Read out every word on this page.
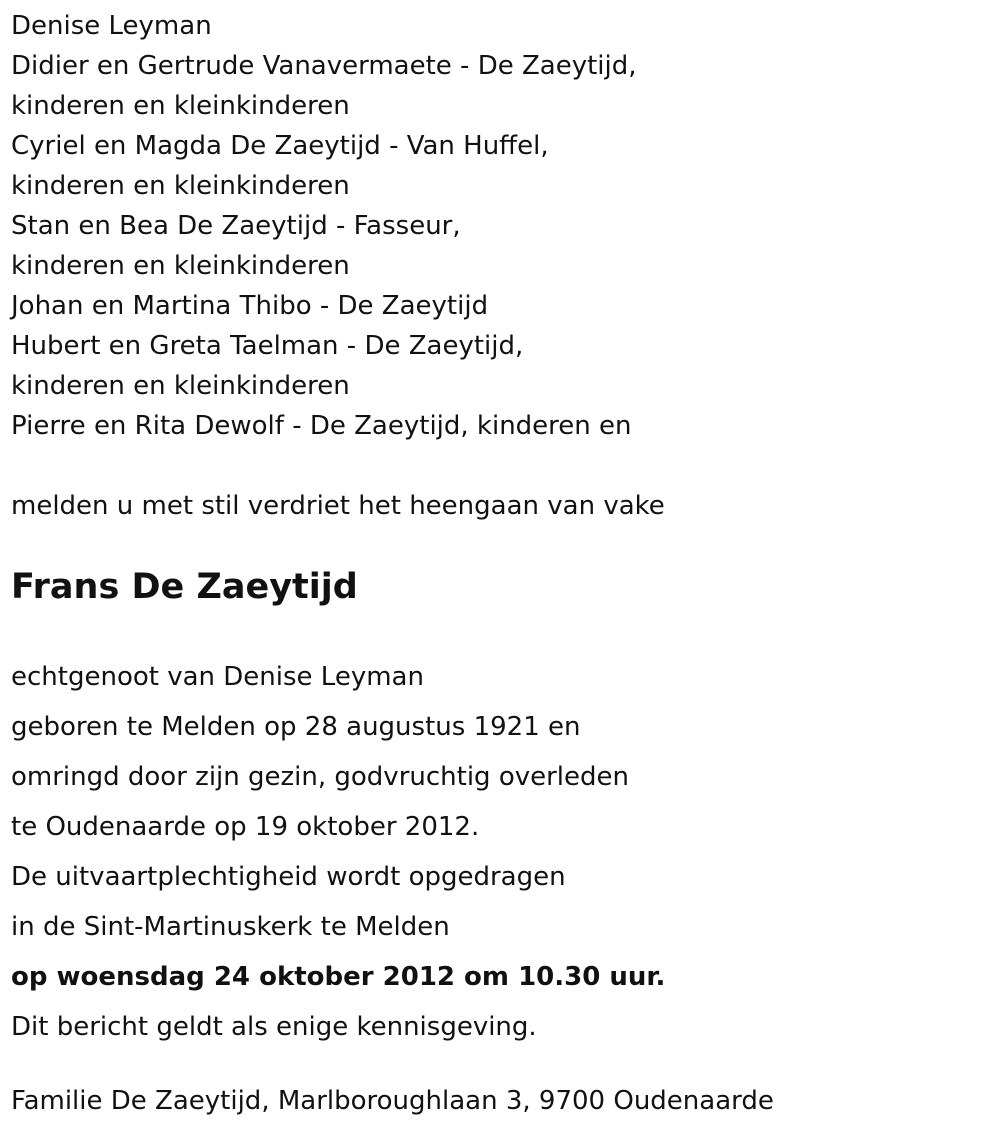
Denise Leyman
Didier en Gertrude Vanavermaete - De Zaeytijd,
kinderen en kleinkinderen
Cyriel en Magda De Zaeytijd - Van Huffel,
kinderen en kleinkinderen
Stan en Bea De Zaeytijd - Fasseur,
kinderen en kleinkinderen
Johan en Martina Thibo - De Zaeytijd
Hubert en Greta Taelman - De Zaeytijd,
kinderen en kleinkinderen
Pierre en Rita Dewolf - De Zaeytijd, kinderen en
melden u met stil verdriet het heengaan van vake
Frans De Zaeytijd
echtgenoot van Denise Leyman
geboren te Melden op 28 augustus 1921 en
omringd door zijn gezin, godvruchtig overleden
te Oudenaarde op 19 oktober 2012.
De uitvaartplechtigheid wordt opgedragen
in de Sint-Martinuskerk te Melden
op woensdag 24 oktober 2012 om 10.30 uur.
Dit bericht geldt als enige kennisgeving.
Familie De Zaeytijd, Marlboroughlaan 3, 9700 Oudenaarde
